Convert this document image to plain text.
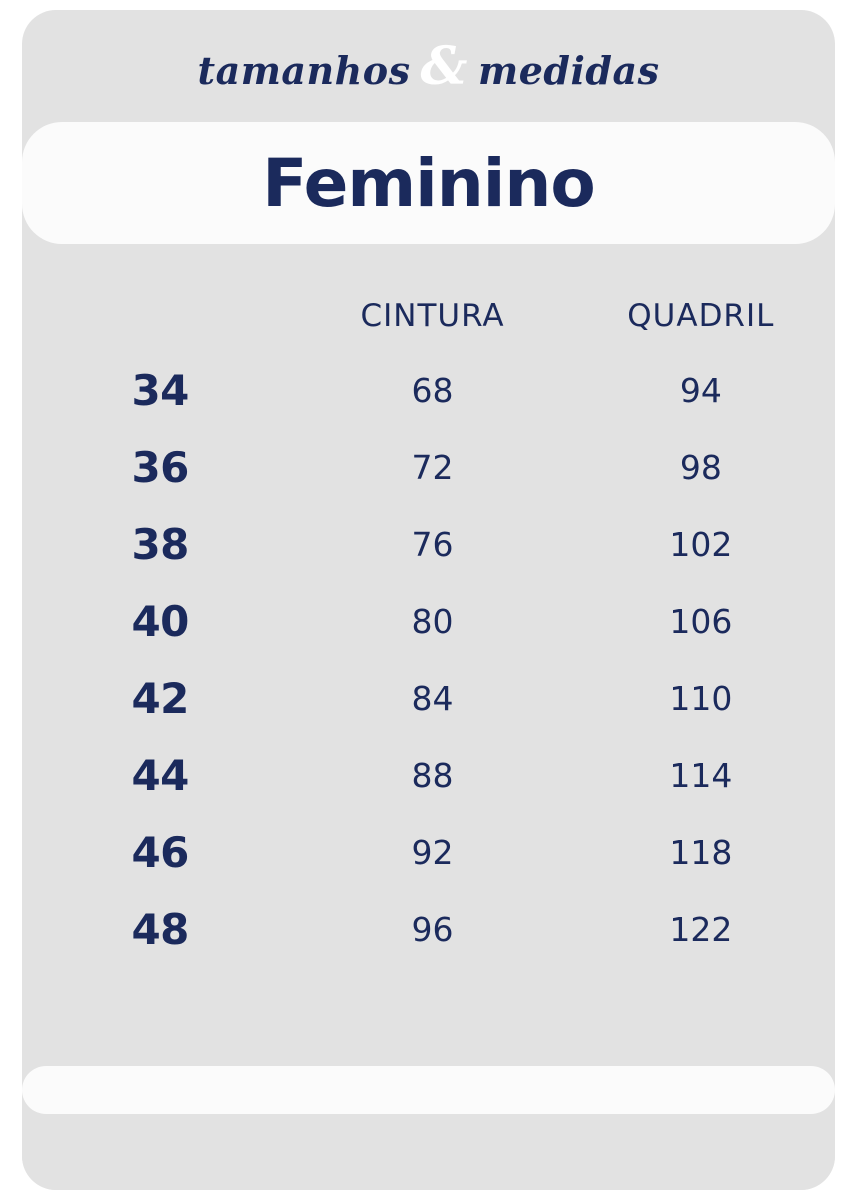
tamanhos & medidas
Feminino
	CINTURA	QUADRIL
34	68	94
36	72	98
38	76	102
40	80	106
42	84	110
44	88	114
46	92	118
48	96	122
